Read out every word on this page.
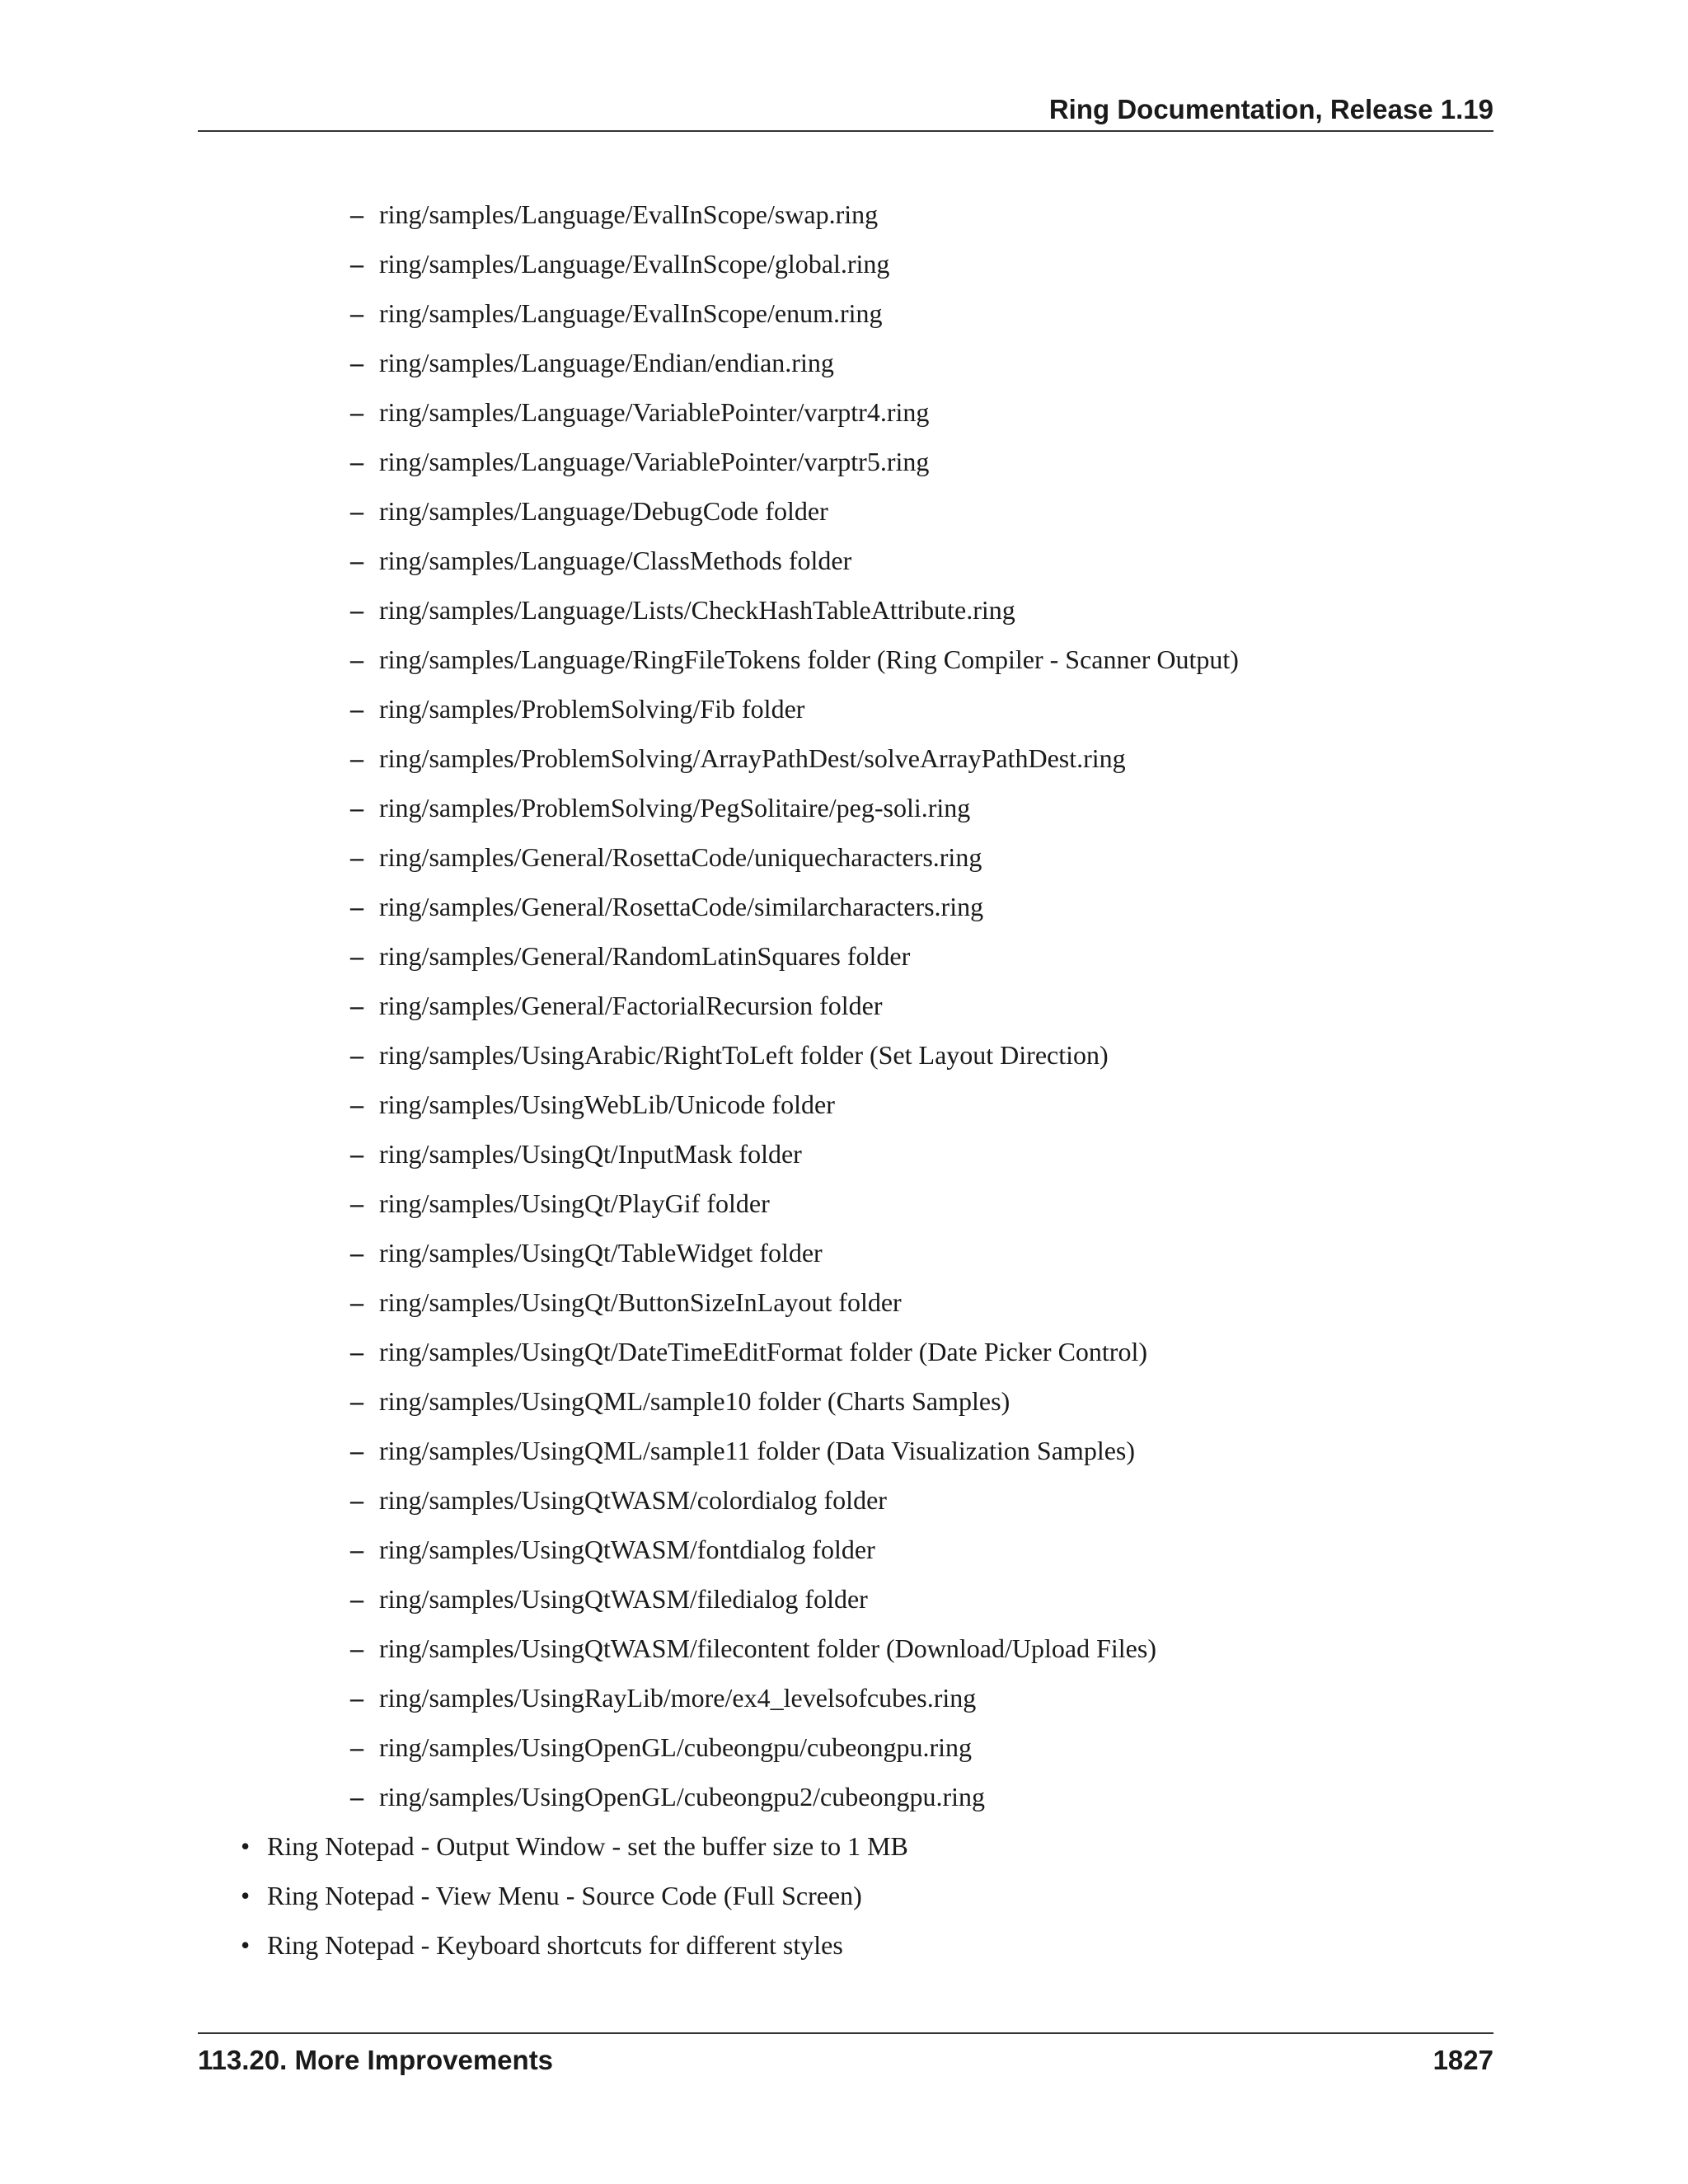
Ring Documentation, Release 1.19
– ring/samples/Language/EvalInScope/swap.ring
– ring/samples/Language/EvalInScope/global.ring
– ring/samples/Language/EvalInScope/enum.ring
– ring/samples/Language/Endian/endian.ring
– ring/samples/Language/VariablePointer/varptr4.ring
– ring/samples/Language/VariablePointer/varptr5.ring
– ring/samples/Language/DebugCode folder
– ring/samples/Language/ClassMethods folder
– ring/samples/Language/Lists/CheckHashTableAttribute.ring
– ring/samples/Language/RingFileTokens folder (Ring Compiler - Scanner Output)
– ring/samples/ProblemSolving/Fib folder
– ring/samples/ProblemSolving/ArrayPathDest/solveArrayPathDest.ring
– ring/samples/ProblemSolving/PegSolitaire/peg-soli.ring
– ring/samples/General/RosettaCode/uniquecharacters.ring
– ring/samples/General/RosettaCode/similarcharacters.ring
– ring/samples/General/RandomLatinSquares folder
– ring/samples/General/FactorialRecursion folder
– ring/samples/UsingArabic/RightToLeft folder (Set Layout Direction)
– ring/samples/UsingWebLib/Unicode folder
– ring/samples/UsingQt/InputMask folder
– ring/samples/UsingQt/PlayGif folder
– ring/samples/UsingQt/TableWidget folder
– ring/samples/UsingQt/ButtonSizeInLayout folder
– ring/samples/UsingQt/DateTimeEditFormat folder (Date Picker Control)
– ring/samples/UsingQML/sample10 folder (Charts Samples)
– ring/samples/UsingQML/sample11 folder (Data Visualization Samples)
– ring/samples/UsingQtWASM/colordialog folder
– ring/samples/UsingQtWASM/fontdialog folder
– ring/samples/UsingQtWASM/filedialog folder
– ring/samples/UsingQtWASM/filecontent folder (Download/Upload Files)
– ring/samples/UsingRayLib/more/ex4_levelsofcubes.ring
– ring/samples/UsingOpenGL/cubeongpu/cubeongpu.ring
– ring/samples/UsingOpenGL/cubeongpu2/cubeongpu.ring
• Ring Notepad - Output Window - set the buffer size to 1 MB
• Ring Notepad - View Menu - Source Code (Full Screen)
• Ring Notepad - Keyboard shortcuts for different styles
113.20. More Improvements	1827
